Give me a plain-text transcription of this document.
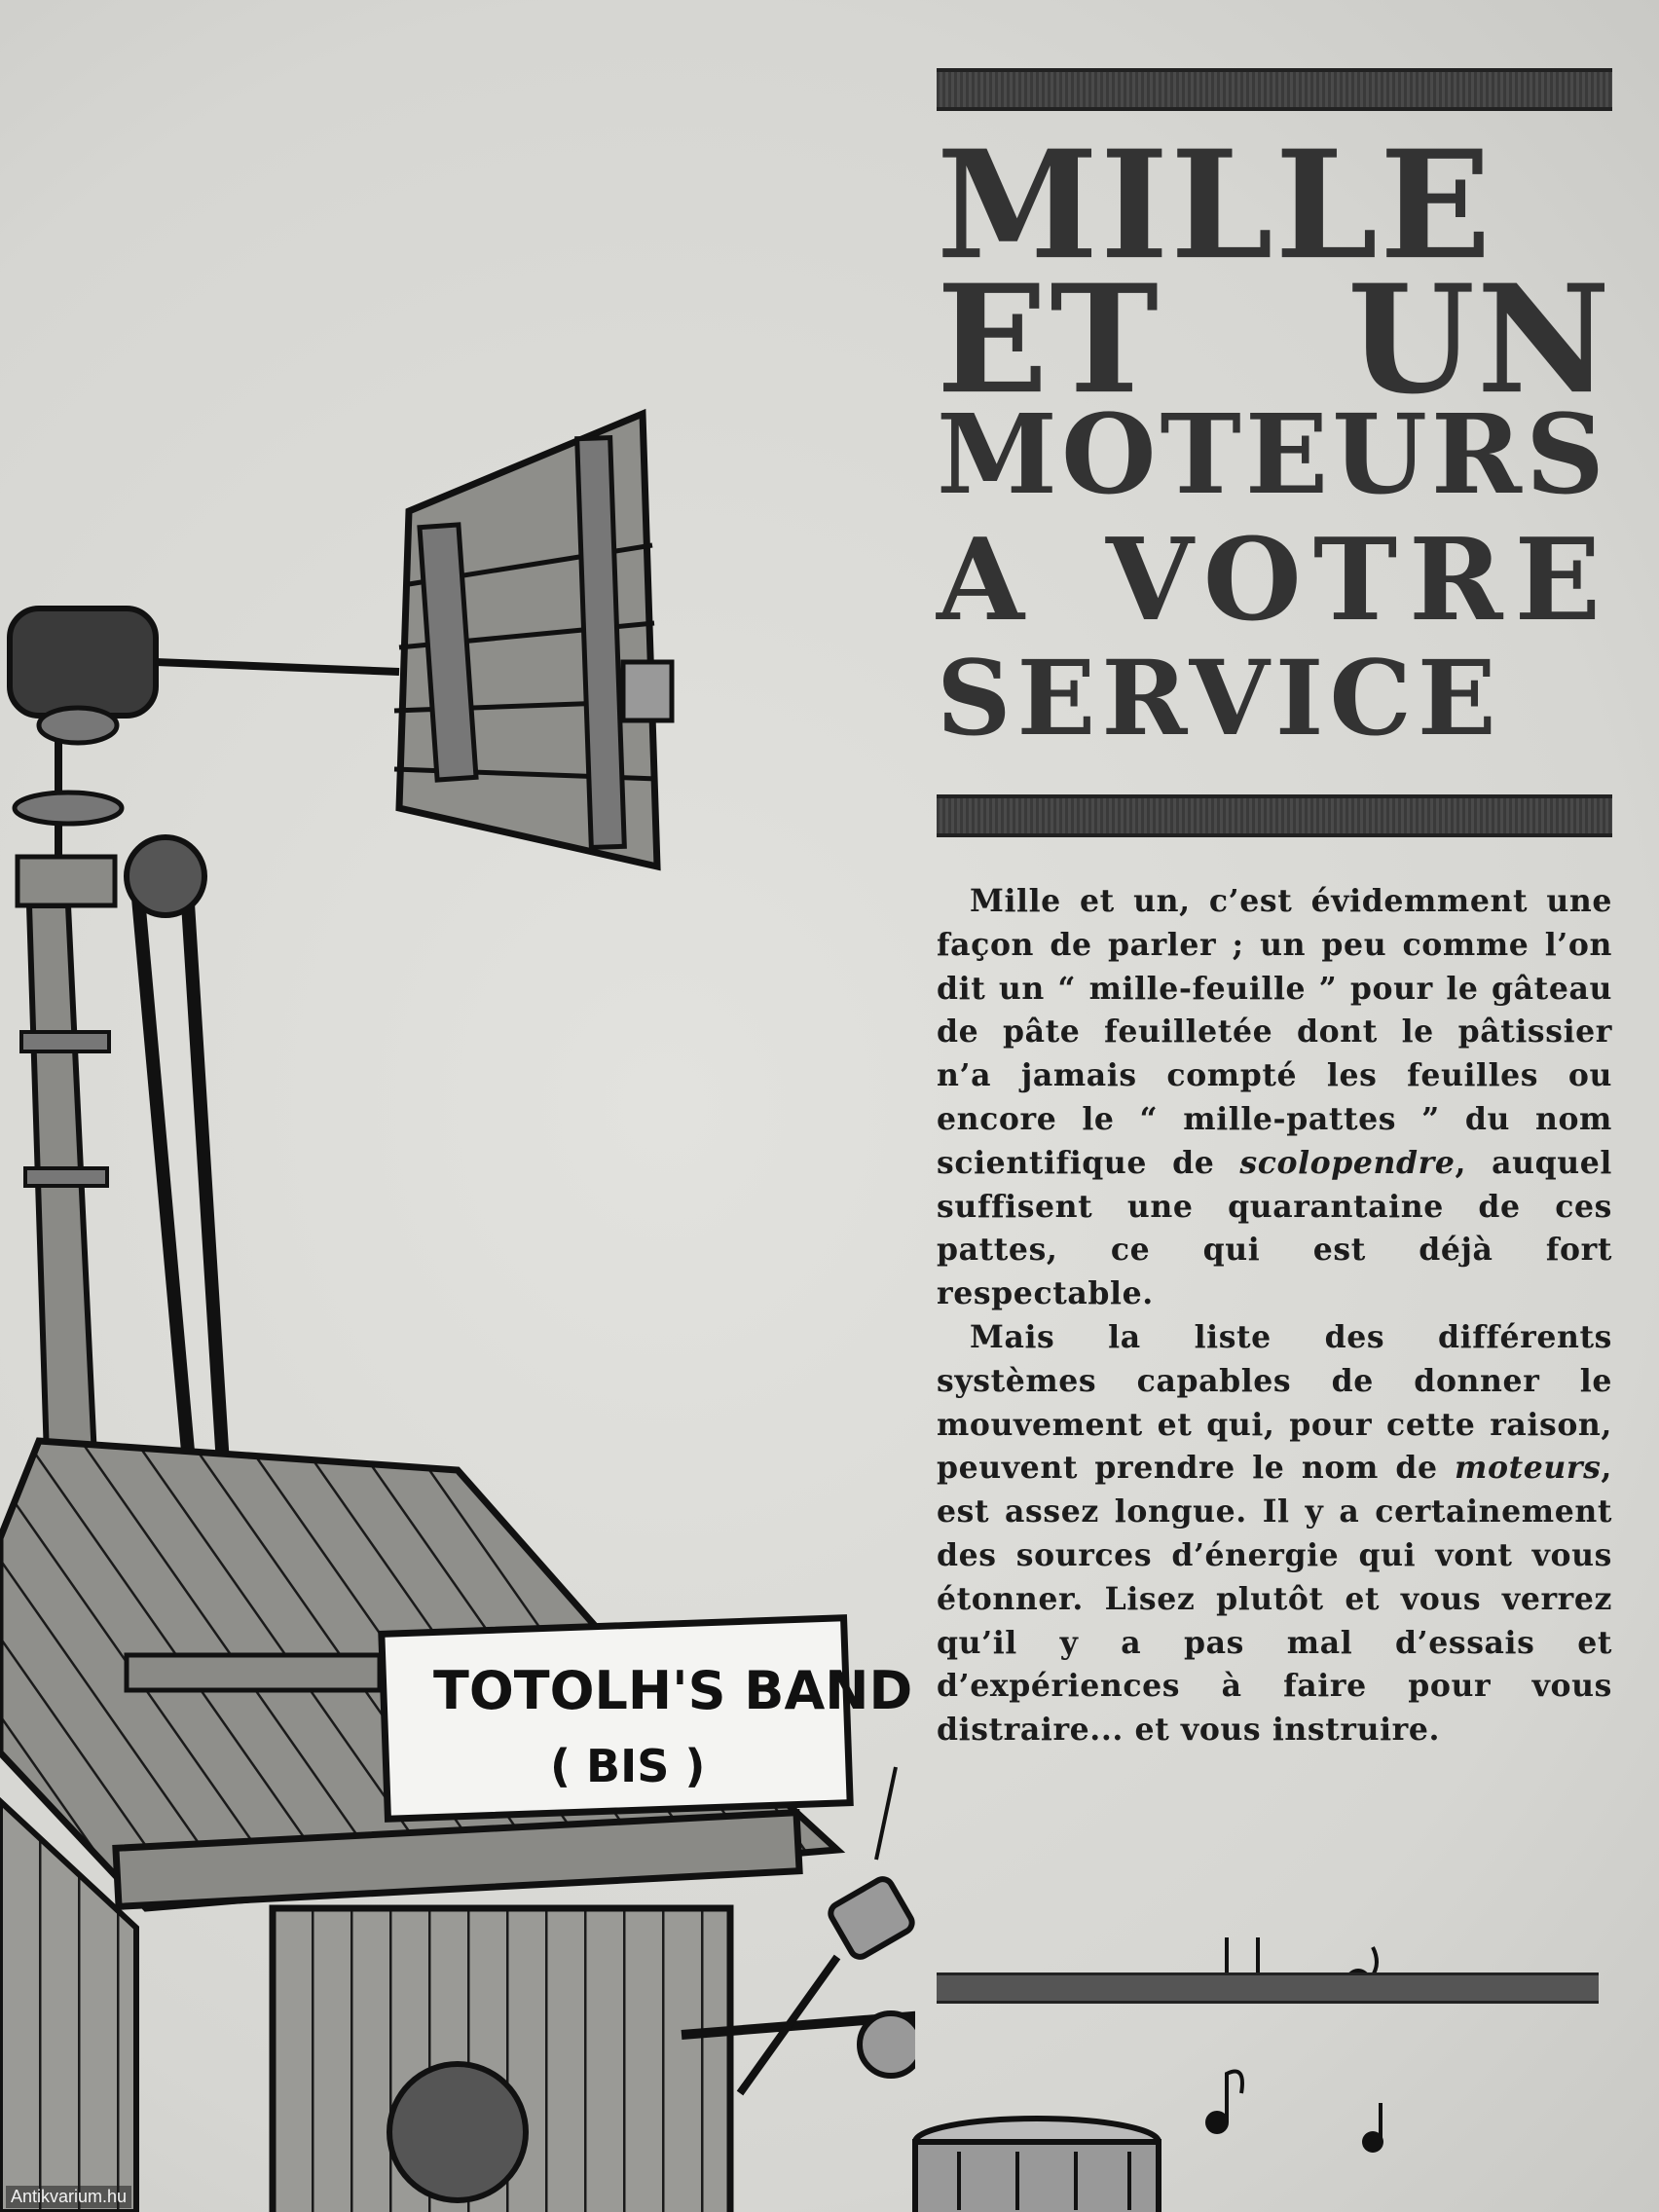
TOTOLH'S BAND
( BIS )
MILLE
ET UN
MOTEURS
A VOTRE
SERVICE

Mille et un, c’est évidemment une façon de parler ; un peu comme l’on dit un “ mille-feuille ” pour le gâteau de pâte feuilletée dont le pâtissier n’a jamais compté les feuilles ou encore le “ mille-pattes ” du nom scientifique de scolopendre, auquel suffisent une quarantaine de ces pattes, ce qui est déjà fort respectable.

Mais la liste des différents systèmes capables de donner le mouvement et qui, pour cette raison, peuvent prendre le nom de moteurs, est assez longue. Il y a certainement des sources d’énergie qui vont vous étonner. Lisez plutôt et vous verrez qu’il y a pas mal d’essais et d’expériences à faire pour vous distraire... et vous instruire.

Antikvarium.hu
